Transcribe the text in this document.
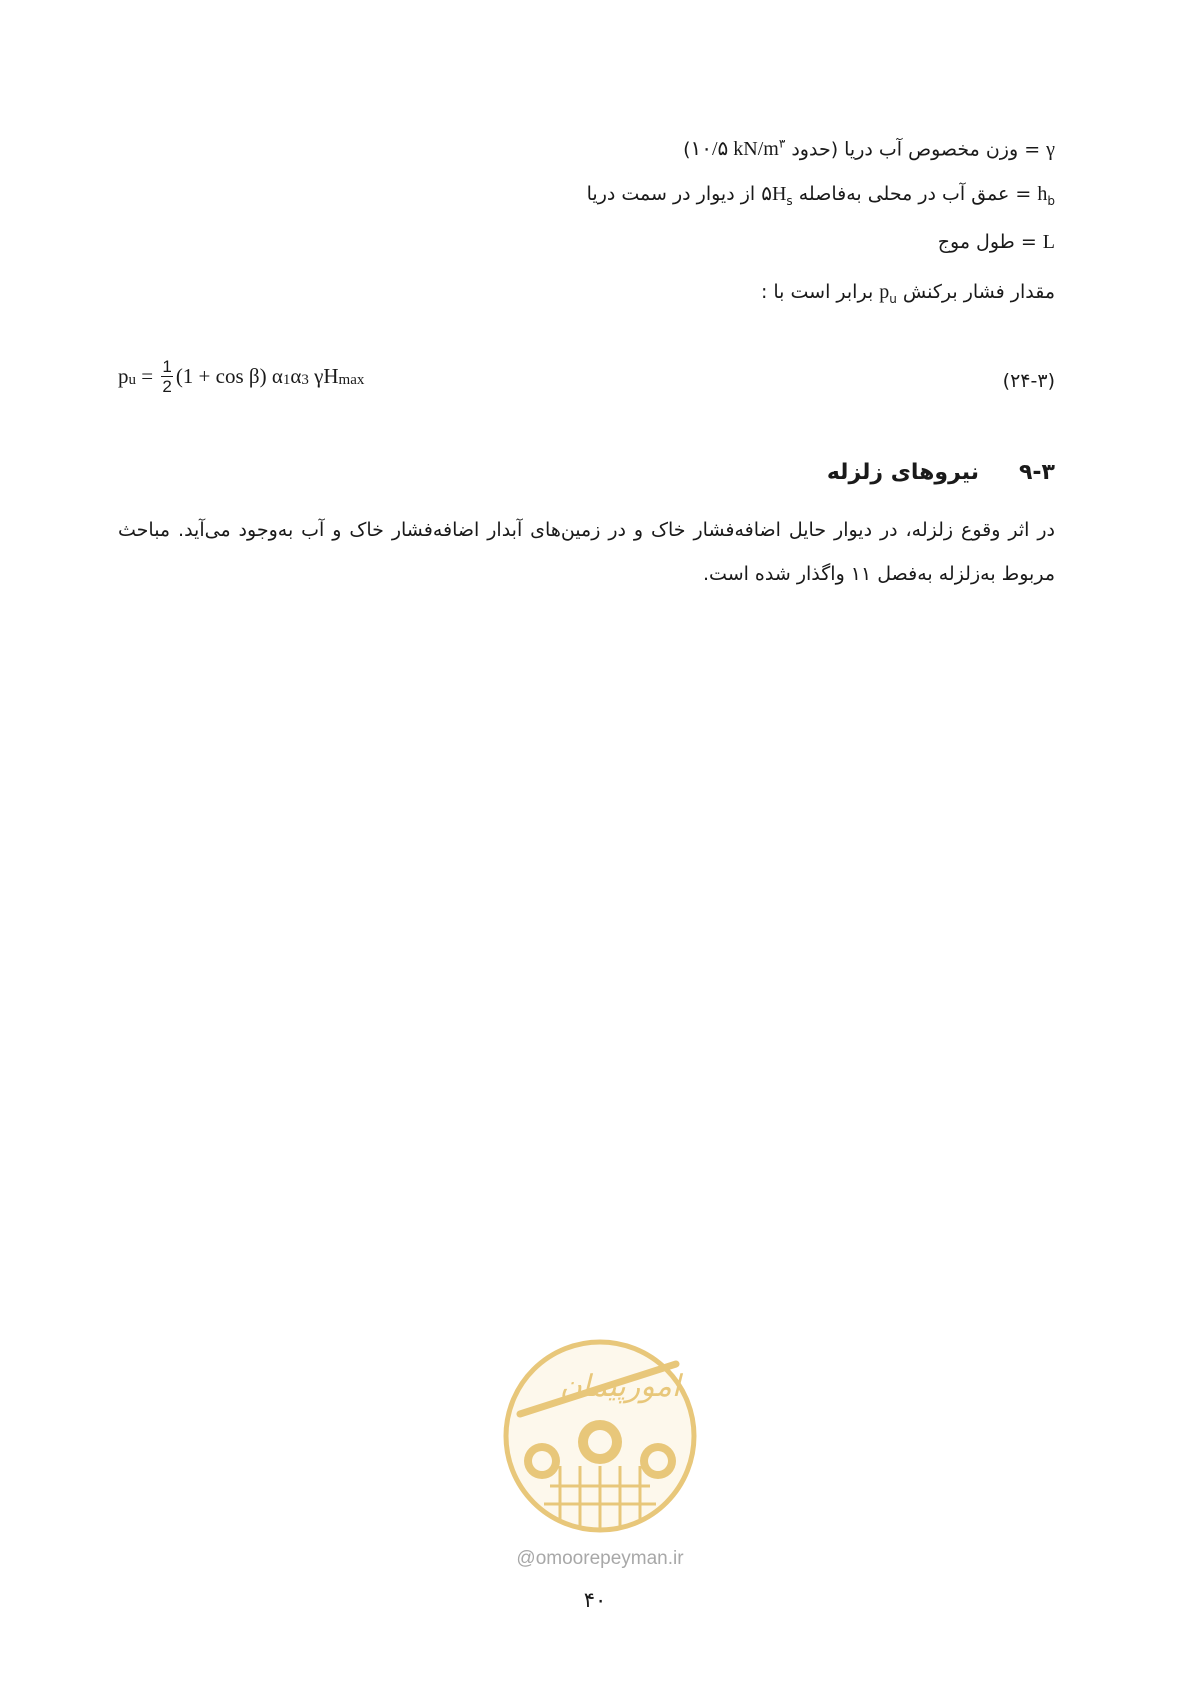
γ = وزن مخصوص آب دریا (حدود ۱۰/۵ $kN/m^۳$)
$h_b$ = عمق آب در محلی به‌فاصله $۵H_s$ از دیوار در سمت دریا
L = طول موج
مقدار فشار برکنش $p_u$ برابر است با :
$p_u = \frac{1}{2} (1 + \cos \beta)$ $\alpha_1$ $\alpha_3$ $\gamma H_{max}$	(۲۴-۳)
۹-۳نیروهای زلزله
در اثر وقوع زلزله، در دیوار حایل اضافه‌فشار خاک و در زمین‌های آبدار اضافه‌فشار خاک و آب به‌وجود می‌آید. مباحث مربوط به‌زلزله به‌فصل ۱۱ واگذار شده است.
امورپیمان
@omoorepeyman.ir
۴۰
